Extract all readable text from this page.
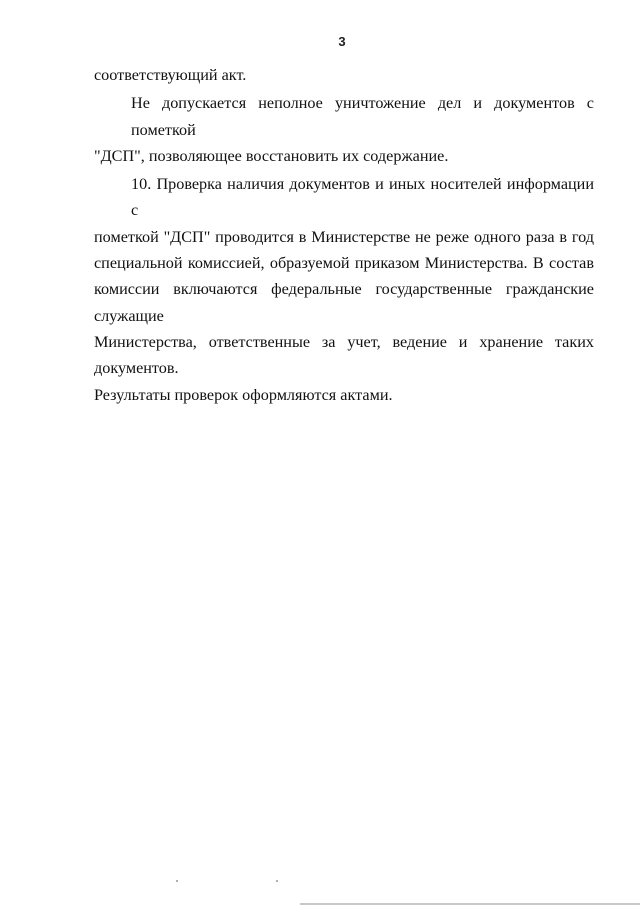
3
соответствующий акт.
Не допускается неполное уничтожение дел и документов с пометкой
"ДСП", позволяющее восстановить их содержание.
10. Проверка наличия документов и иных носителей информации с
пометкой "ДСП" проводится в Министерстве не реже одного раза в год
специальной комиссией, образуемой приказом Министерства. В состав
комиссии включаются федеральные государственные гражданские служащие
Министерства, ответственные за учет, ведение и хранение таких документов.
Результаты проверок оформляются актами.
